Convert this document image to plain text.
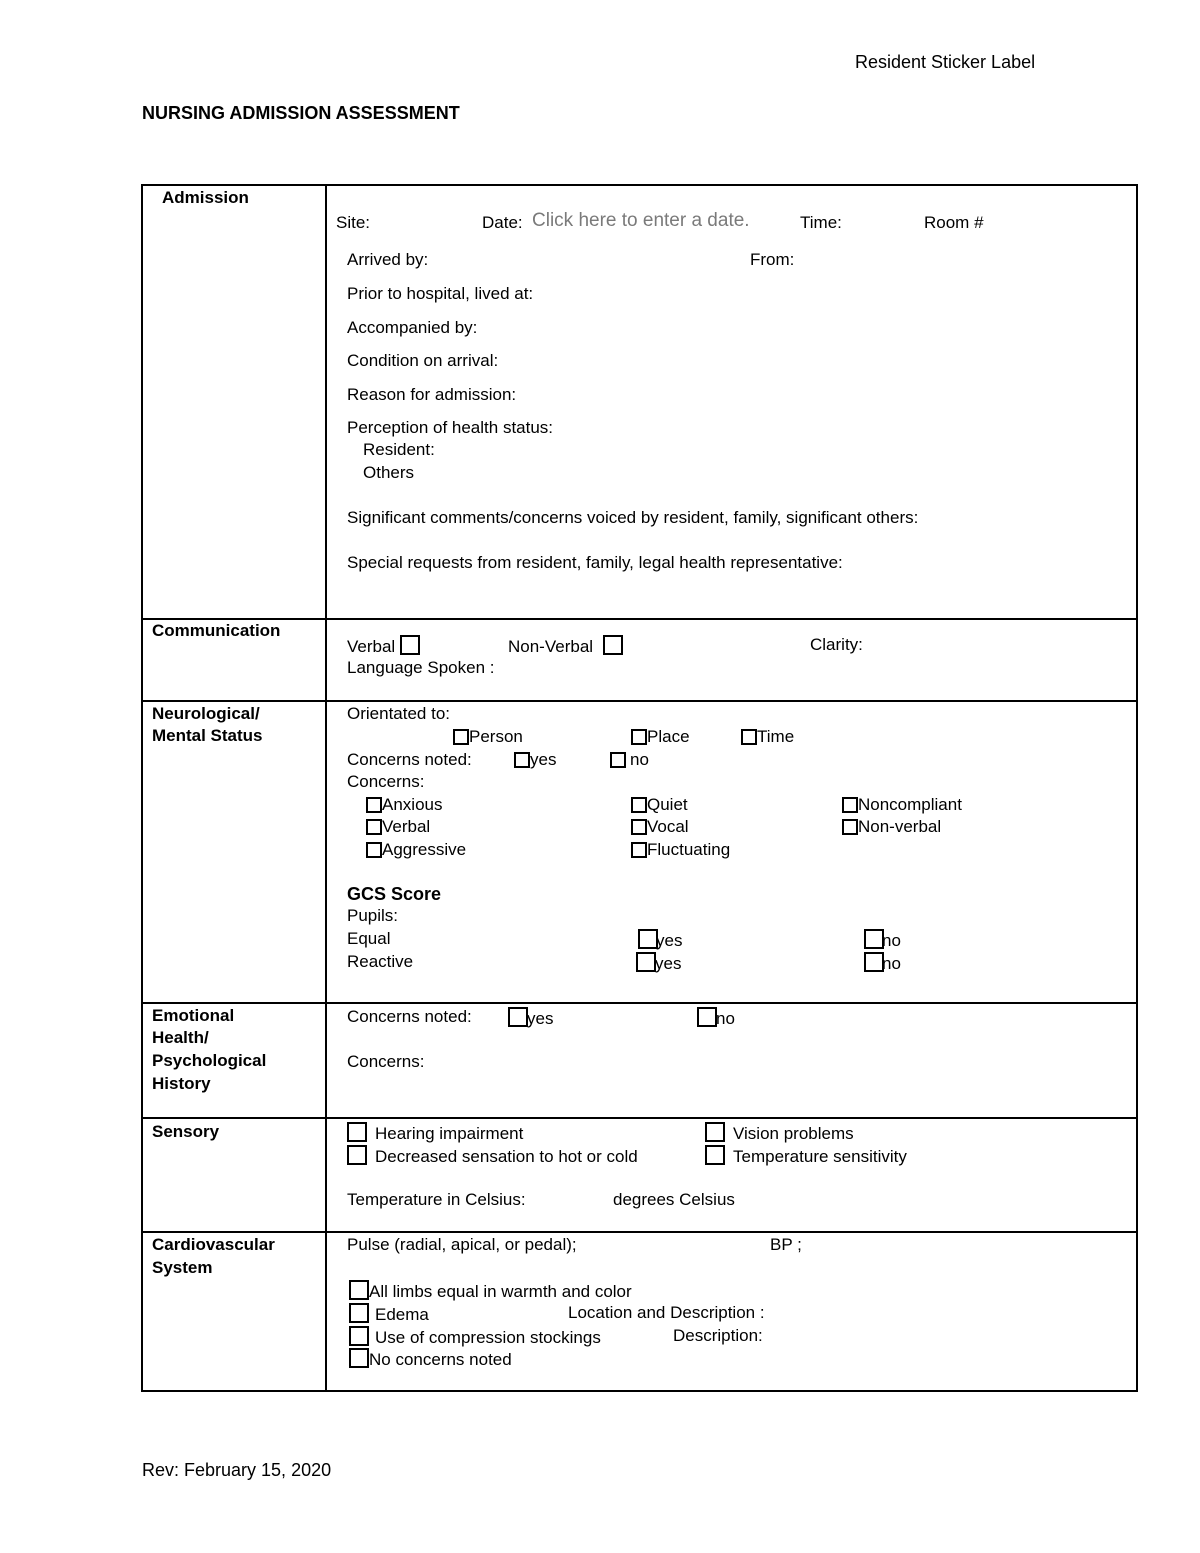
Resident Sticker Label
NURSING ADMISSION ASSESSMENT
Admission
Site:	Date: Click here to enter a date.	Time:	Room #
Arrived by:	From:
Prior to hospital, lived at:
Accompanied by:
Condition on arrival:
Reason for admission:
Perception of health status:
Resident:
Others
Significant comments/concerns voiced by resident, family, significant others:
Special requests from resident, family, legal health representative:
Communication
Verbal	Non-Verbal	Clarity:
Language Spoken :
Neurological/
Mental Status
Orientated to:
Person	Place	Time
Concerns noted:	yes	no
Concerns:
Anxious	Quiet	Noncompliant
Verbal	Vocal	Non-verbal
Aggressive	Fluctuating
GCS Score
Pupils:
Equal	yes	no
Reactive	yes	no
Emotional
Health/
Psychological
History
Concerns noted:	yes	no
Concerns:
Sensory	Hearing impairment	Vision problems
Decreased sensation to hot or cold	Temperature sensitivity
Temperature in Celsius:	degrees Celsius
Cardiovascular
System
Pulse (radial, apical, or pedal);	BP ;
All limbs equal in warmth and color
Edema	Location and Description :
Use of compression stockings	Description:
No concerns noted
Rev: February 15, 2020
